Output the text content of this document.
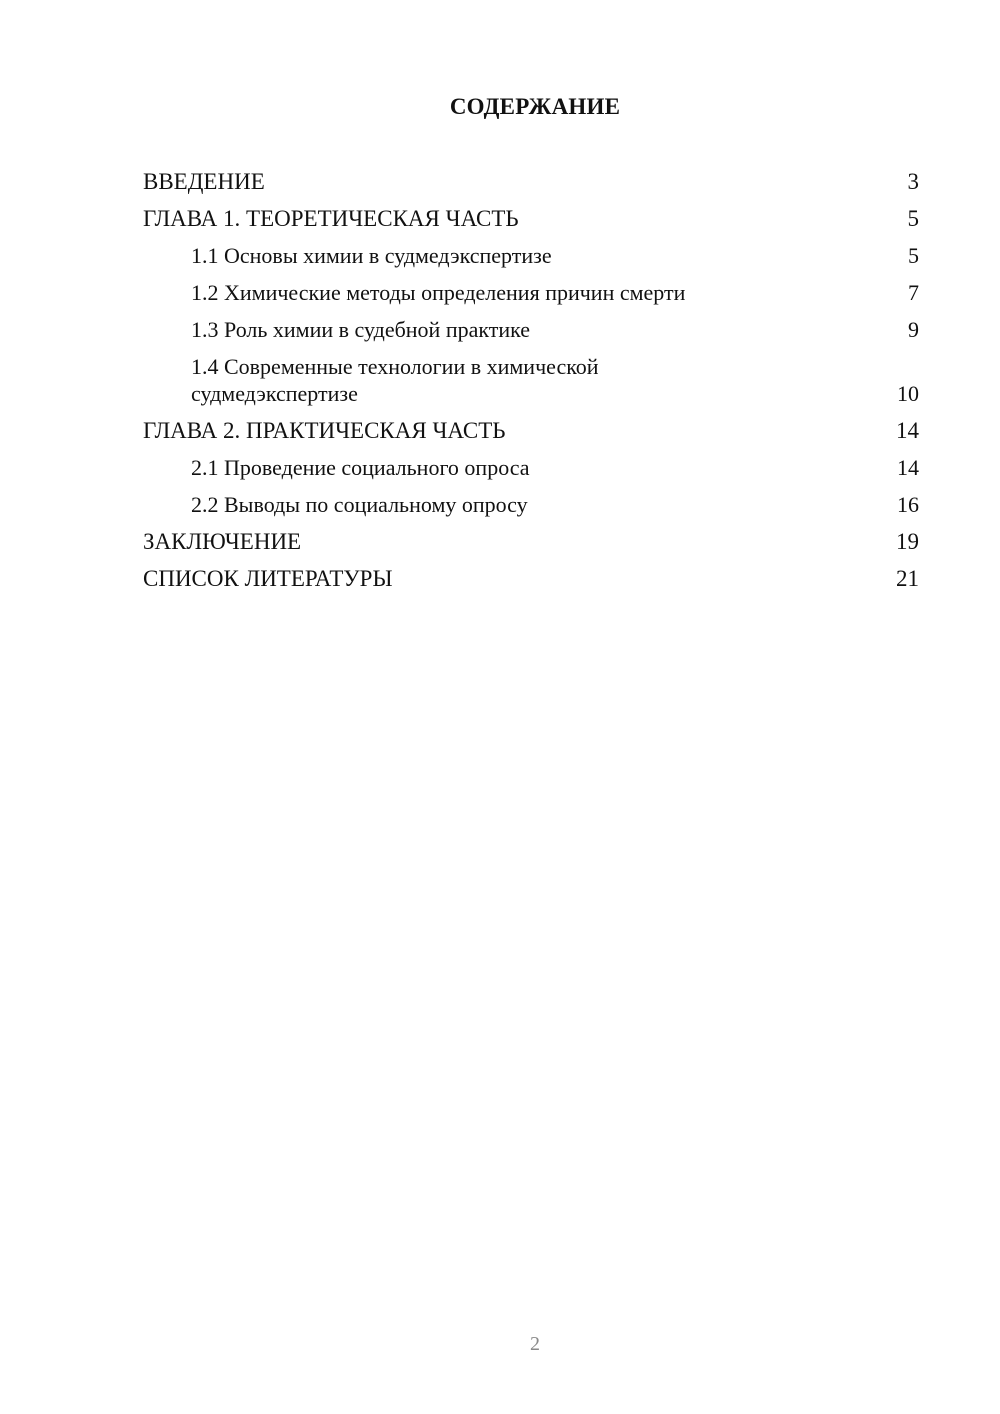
СОДЕРЖАНИЕ
ВВЕДЕНИЕ	3
ГЛАВА 1. ТЕОРЕТИЧЕСКАЯ ЧАСТЬ	5
1.1 Основы химии в судмедэкспертизе	5
1.2 Химические методы определения причин смерти	7
1.3 Роль химии в судебной практике	9
1.4 Современные технологии в химической судмедэкспертизе	10
ГЛАВА 2. ПРАКТИЧЕСКАЯ ЧАСТЬ	14
2.1 Проведение социального опроса	14
2.2 Выводы по социальному опросу	16
ЗАКЛЮЧЕНИЕ	19
СПИСОК ЛИТЕРАТУРЫ	21

2
